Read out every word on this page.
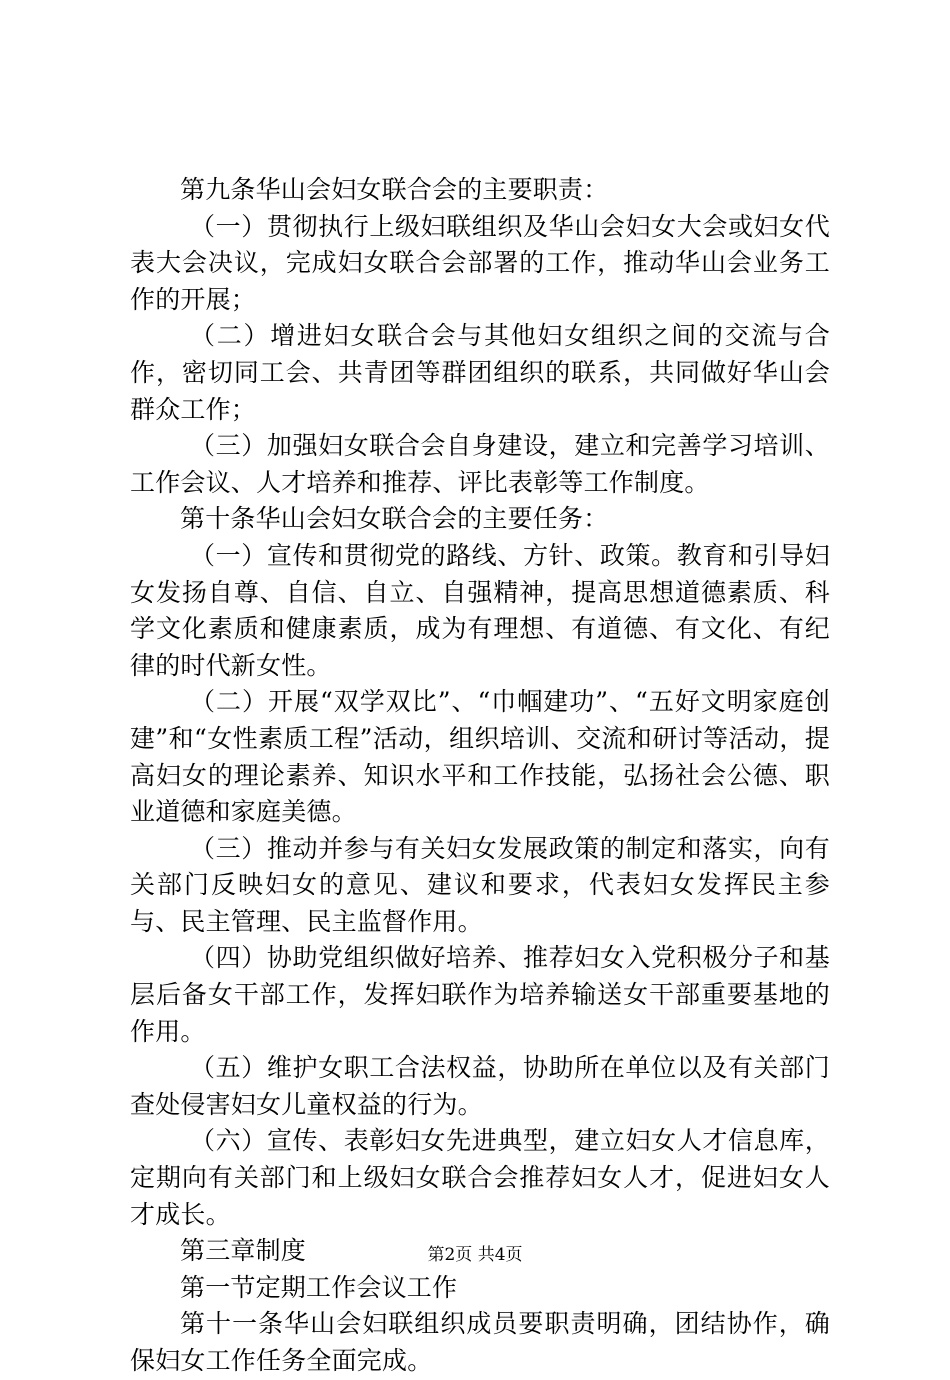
第九条华山会妇女联合会的主要职责：

（一）贯彻执行上级妇联组织及华山会妇女大会或妇女代表大会决议，完成妇女联合会部署的工作，推动华山会业务工作的开展；

（二）增进妇女联合会与其他妇女组织之间的交流与合作，密切同工会、共青团等群团组织的联系，共同做好华山会群众工作；

（三）加强妇女联合会自身建设，建立和完善学习培训、工作会议、人才培养和推荐、评比表彰等工作制度。

第十条华山会妇女联合会的主要任务：

（一）宣传和贯彻党的路线、方针、政策。教育和引导妇女发扬自尊、自信、自立、自强精神，提高思想道德素质、科学文化素质和健康素质，成为有理想、有道德、有文化、有纪律的时代新女性。

（二）开展“双学双比”、“巾帼建功”、“五好文明家庭创建”和“女性素质工程”活动，组织培训、交流和研讨等活动，提高妇女的理论素养、知识水平和工作技能，弘扬社会公德、职业道德和家庭美德。

（三）推动并参与有关妇女发展政策的制定和落实，向有关部门反映妇女的意见、建议和要求，代表妇女发挥民主参与、民主管理、民主监督作用。

（四）协助党组织做好培养、推荐妇女入党积极分子和基层后备女干部工作，发挥妇联作为培养输送女干部重要基地的作用。

（五）维护女职工合法权益，协助所在单位以及有关部门查处侵害妇女儿童权益的行为。

（六）宣传、表彰妇女先进典型，建立妇女人才信息库，定期向有关部门和上级妇女联合会推荐妇女人才，促进妇女人才成长。

第三章制度

第一节定期工作会议工作

第十一条华山会妇联组织成员要职责明确，团结协作，确保妇女工作任务全面完成。

第2页 共4页
